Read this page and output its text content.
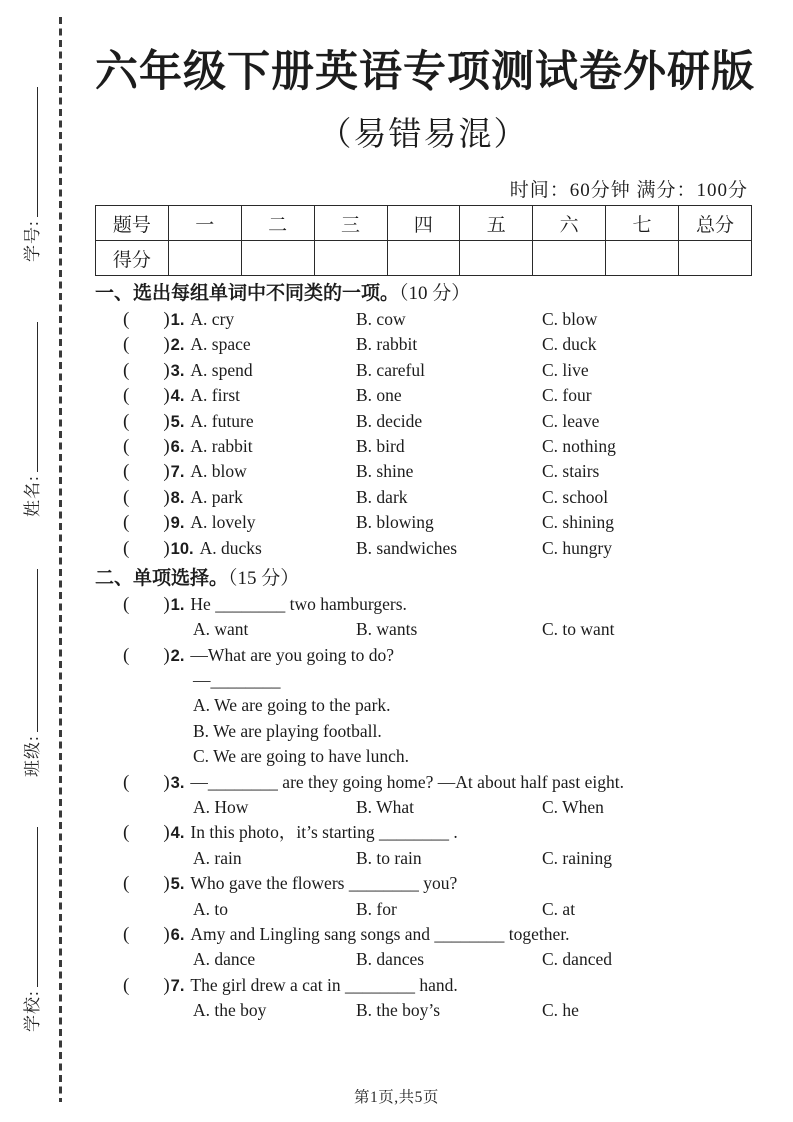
学号:
姓名:
班级:
学校:
六年级下册英语专项测试卷外研版
（易错易混）
时间：60分钟 满分：100分
题号	一	二	三	四	五	六	七	总分
得分								
一、选出每组单词中不同类的一项。（10 分）
( )1. A. cry	B. cow	C. blow
( )2. A. space	B. rabbit	C. duck
( )3. A. spend	B. careful	C. live
( )4. A. first	B. one	C. four
( )5. A. future	B. decide	C. leave
( )6. A. rabbit	B. bird	C. nothing
( )7. A. blow	B. shine	C. stairs
( )8. A. park	B. dark	C. school
( )9. A. lovely	B. blowing	C. shining
( )10. A. ducks	B. sandwiches	C. hungry
二、单项选择。（15 分）
( )1. He ________ two hamburgers.
A. want	B. wants	C. to want
( )2. —What are you going to do?
—________
A. We are going to the park.
B. We are playing football.
C. We are going to have lunch.
( )3. —________ are they going home? —At about half past eight.
A. How	B. What	C. When
( )4. In this photo，it’s starting ________ .
A. rain	B. to rain	C. raining
( )5. Who gave the flowers ________ you?
A. to	B. for	C. at
( )6. Amy and Lingling sang songs and ________ together.
A. dance	B. dances	C. danced
( )7. The girl drew a cat in ________ hand.
A. the boy	B. the boy’s	C. he
第1页,共5页
